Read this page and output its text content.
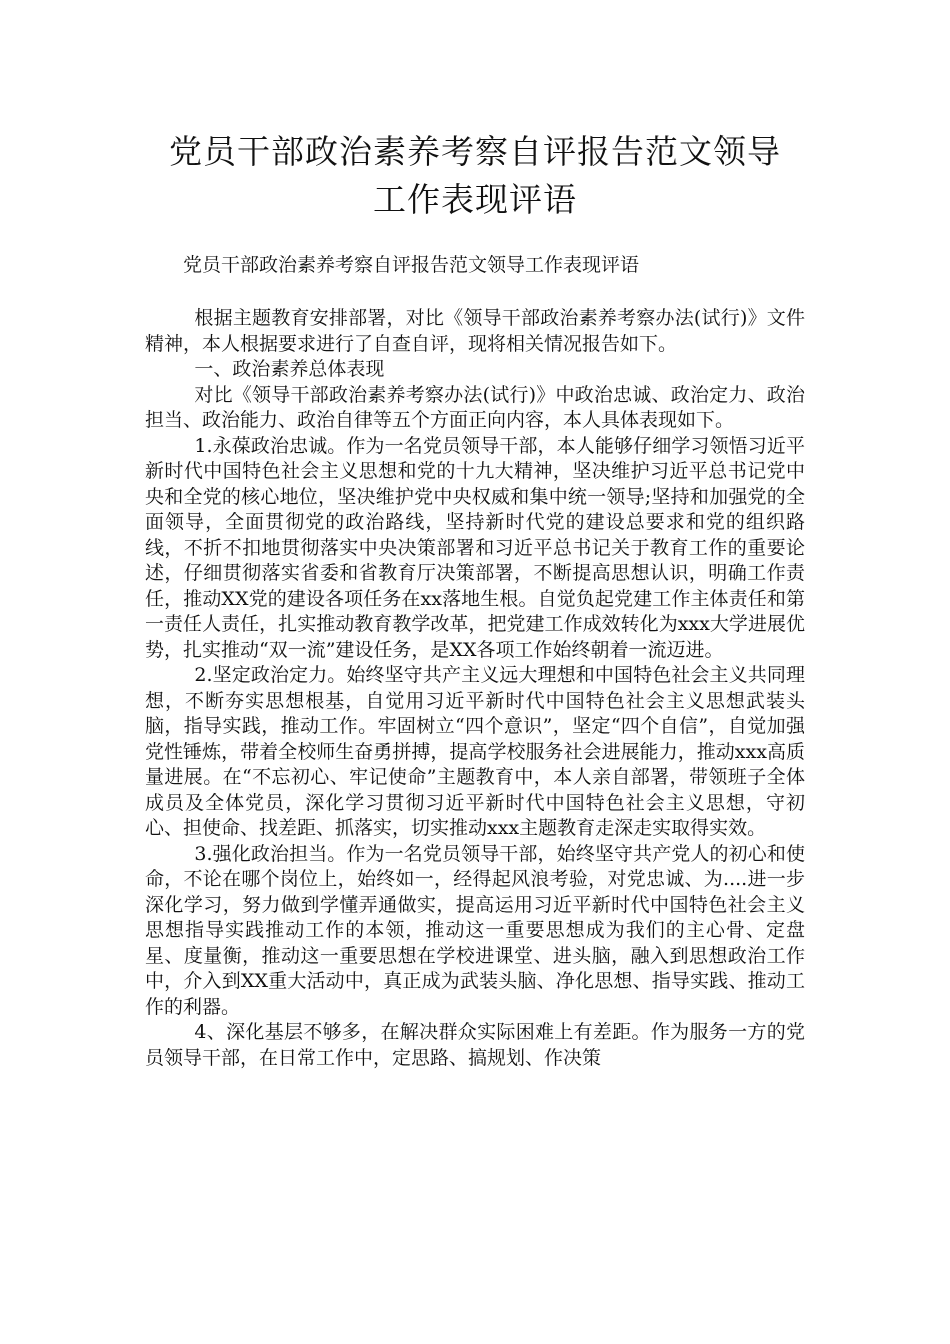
党员干部政治素养考察自评报告范文领导
工作表现评语
党员干部政治素养考察自评报告范文领导工作表现评语

根据主题教育安排部署，对比《领导干部政治素养考察办法(试行)》文件精神，本人根据要求进行了自查自评，现将相关情况报告如下。

一、政治素养总体表现

对比《领导干部政治素养考察办法(试行)》中政治忠诚、政治定力、政治担当、政治能力、政治自律等五个方面正向内容，本人具体表现如下。

1.永葆政治忠诚。作为一名党员领导干部，本人能够仔细学习领悟习近平新时代中国特色社会主义思想和党的十九大精神，坚决维护习近平总书记党中央和全党的核心地位，坚决维护党中央权威和集中统一领导;坚持和加强党的全面领导，全面贯彻党的政治路线，坚持新时代党的建设总要求和党的组织路线，不折不扣地贯彻落实中央决策部署和习近平总书记关于教育工作的重要论述，仔细贯彻落实省委和省教育厅决策部署，不断提高思想认识，明确工作责任，推动XX党的建设各项任务在xx落地生根。自觉负起党建工作主体责任和第一责任人责任，扎实推动教育教学改革，把党建工作成效转化为xxx大学进展优势，扎实推动“双一流”建设任务，是XX各项工作始终朝着一流迈进。

2.坚定政治定力。始终坚守共产主义远大理想和中国特色社会主义共同理想，不断夯实思想根基，自觉用习近平新时代中国特色社会主义思想武装头脑，指导实践，推动工作。牢固树立“四个意识”，坚定“四个自信”，自觉加强党性锤炼，带着全校师生奋勇拼搏，提高学校服务社会进展能力，推动xxx高质量进展。在“不忘初心、牢记使命”主题教育中，本人亲自部署，带领班子全体成员及全体党员，深化学习贯彻习近平新时代中国特色社会主义思想，守初心、担使命、找差距、抓落实，切实推动xxx主题教育走深走实取得实效。

3.强化政治担当。作为一名党员领导干部，始终坚守共产党人的初心和使命，不论在哪个岗位上，始终如一，经得起风浪考验，对党忠诚、为....进一步深化学习，努力做到学懂弄通做实，提高运用习近平新时代中国特色社会主义思想指导实践推动工作的本领，推动这一重要思想成为我们的主心骨、定盘星、度量衡，推动这一重要思想在学校进课堂、进头脑，融入到思想政治工作中，介入到XX重大活动中，真正成为武装头脑、净化思想、指导实践、推动工作的利器。

4、深化基层不够多，在解决群众实际困难上有差距。作为服务一方的党员领导干部，在日常工作中，定思路、搞规划、作决策
